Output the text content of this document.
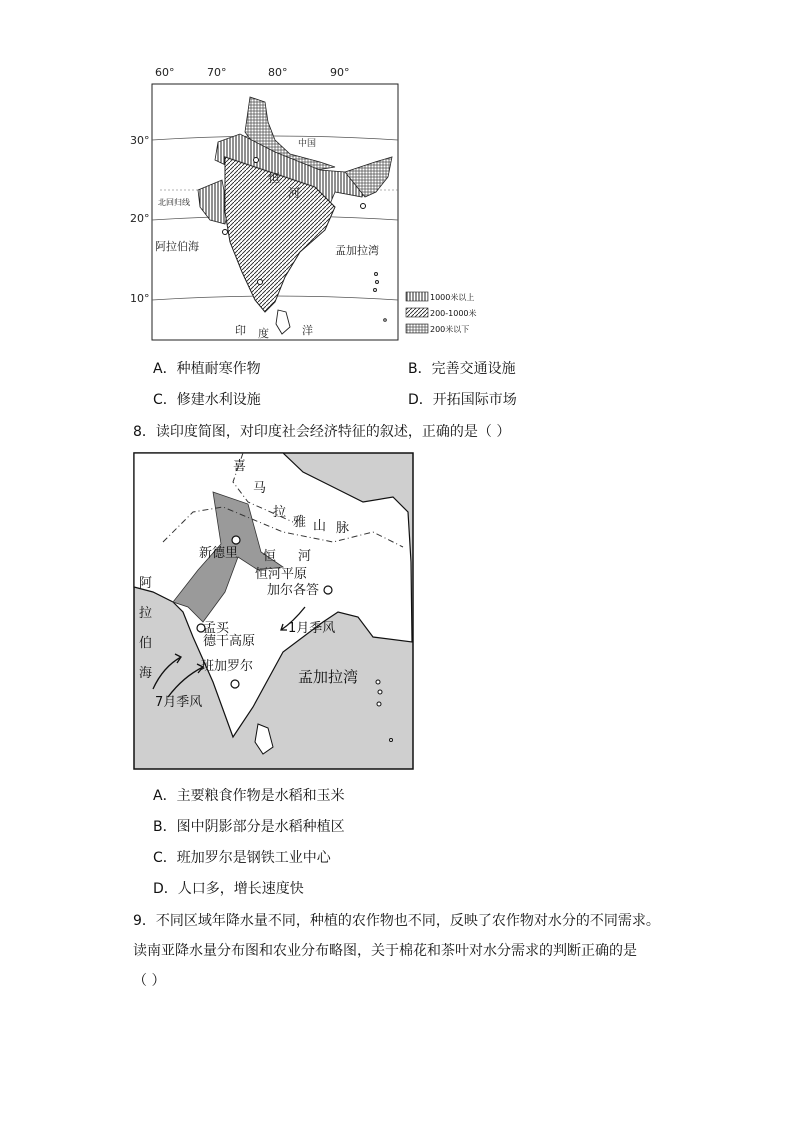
60°	70°	80°	90°
30°
20°
10°
中国
北回归线
阿拉伯海	孟加拉湾
恒
河
印 度	洋
1000米以上
200-1000米
200米以下
A．种植耐寒作物	B．完善交通设施
C．修建水利设施	D．开拓国际市场
8．读印度简图，对印度社会经济特征的叙述，正确的是（ ）
喜
马
拉
雅 山 脉
新德里 恒 河
恒河平原
加尔各答
阿
拉
伯
海
孟买
德干高原
1月季风
班加罗尔
7月季风
孟加拉湾
A．主要粮食作物是水稻和玉米
B．图中阴影部分是水稻种植区
C．班加罗尔是钢铁工业中心
D．人口多，增长速度快
9．不同区域年降水量不同，种植的农作物也不同，反映了农作物对水分的不同需求。
读南亚降水量分布图和农业分布略图，关于棉花和茶叶对水分需求的判断正确的是
（ ）
